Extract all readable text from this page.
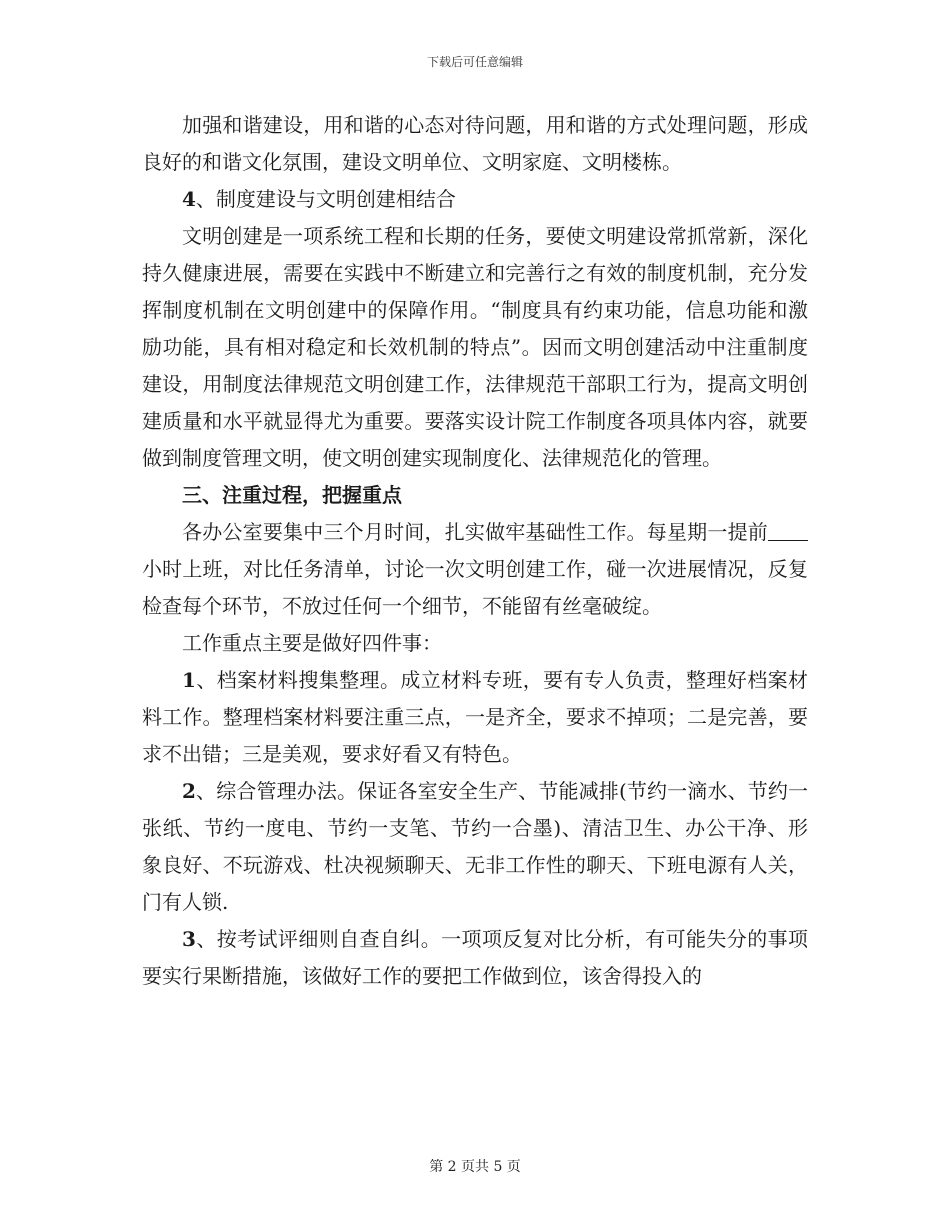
下载后可任意编辑

加强和谐建设，用和谐的心态对待问题，用和谐的方式处理问题，形成良好的和谐文化氛围，建设文明单位、文明家庭、文明楼栋。

4、制度建设与文明创建相结合

文明创建是一项系统工程和长期的任务，要使文明建设常抓常新，深化持久健康进展，需要在实践中不断建立和完善行之有效的制度机制，充分发挥制度机制在文明创建中的保障作用。“制度具有约束功能，信息功能和激励功能，具有相对稳定和长效机制的特点”。因而文明创建活动中注重制度建设，用制度法律规范文明创建工作，法律规范干部职工行为，提高文明创建质量和水平就显得尤为重要。要落实设计院工作制度各项具体内容，就要做到制度管理文明，使文明创建实现制度化、法律规范化的管理。

三、注重过程，把握重点

各办公室要集中三个月时间，扎实做牢基础性工作。每星期一提前小时上班，对比任务清单，讨论一次文明创建工作，碰一次进展情况，反复检查每个环节，不放过任何一个细节，不能留有丝毫破绽。

工作重点主要是做好四件事：

1、档案材料搜集整理。成立材料专班，要有专人负责，整理好档案材料工作。整理档案材料要注重三点，一是齐全，要求不掉项；二是完善，要求不出错；三是美观，要求好看又有特色。

2、综合管理办法。保证各室安全生产、节能减排(节约一滴水、节约一张纸、节约一度电、节约一支笔、节约一合墨)、清洁卫生、办公干净、形象良好、不玩游戏、杜决视频聊天、无非工作性的聊天、下班电源有人关，门有人锁.

3、按考试评细则自查自纠。一项项反复对比分析，有可能失分的事项要实行果断措施，该做好工作的要把工作做到位，该舍得投入的

第 2 页共 5 页
